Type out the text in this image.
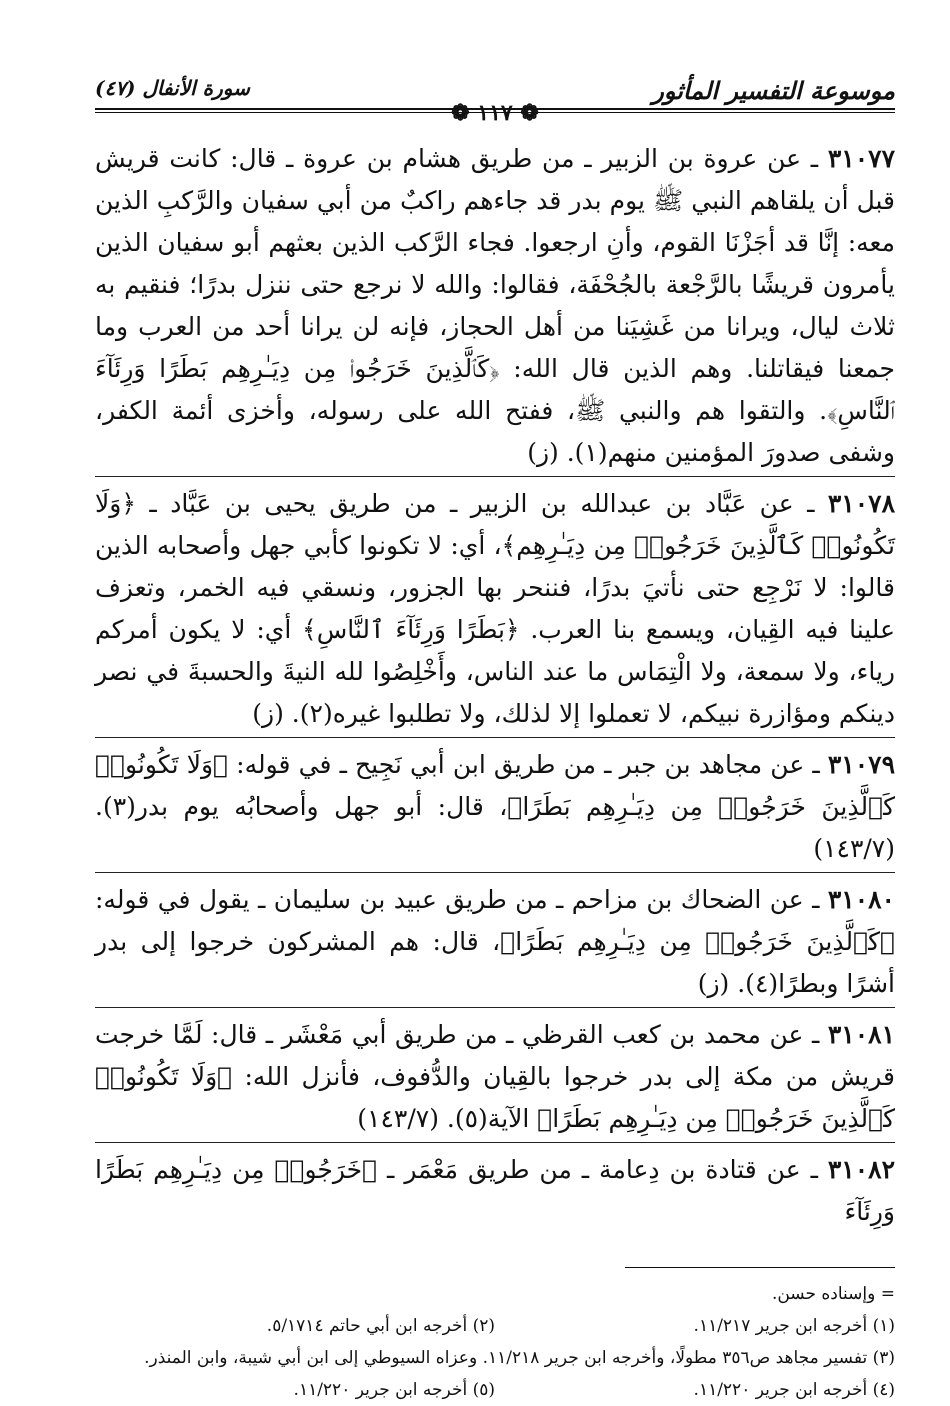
موسوعة التفسير المأثور
سورة الأنفال (٤٧)
❁ ١١٧ ❁

٣١٠٧٧ ـ عن عروة بن الزبير ـ من طريق هشام بن عروة ـ قال: كانت قريش قبل أن يلقاهم النبي ﷺ يوم بدر قد جاءهم راكبٌ من أبي سفيان والرَّكبِ الذين معه: إنَّا قد أجَزْنَا القوم، وأنِ ارجعوا. فجاء الرَّكب الذين بعثهم أبو سفيان الذين يأمرون قريشًا بالرَّجْعة بالجُحْفَة، فقالوا: والله لا نرجع حتى ننزل بدرًا؛ فنقيم به ثلاث ليال، ويرانا من غَشِيَنا من أهل الحجاز، فإنه لن يرانا أحد من العرب وما جمعنا فيقاتلنا. وهم الذين قال الله: ﴿كَٱلَّذِينَ خَرَجُوا۟ مِن دِيَـٰرِهِم بَطَرًا وَرِئَآءَ ٱلنَّاسِ﴾. والتقوا هم والنبي ﷺ، ففتح الله على رسوله، وأخزى أئمة الكفر، وشفى صدورَ المؤمنين منهم(١). (ز)

٣١٠٧٨ ـ عن عَبَّاد بن عبدالله بن الزبير ـ من طريق يحيى بن عَبَّاد ـ ﴿وَلَا تَكُونُوا۟ كَٱلَّذِينَ خَرَجُوا۟ مِن دِيَـٰرِهِم﴾، أي: لا تكونوا كأبي جهل وأصحابه الذين قالوا: لا نَرْجِع حتى نأتيَ بدرًا، فننحر بها الجزور، ونسقي فيه الخمر، وتعزف علينا فيه القِيان، ويسمع بنا العرب. ﴿بَطَرًا وَرِئَآءَ ٱلنَّاسِ﴾ أي: لا يكون أمركم رياء، ولا سمعة، ولا الْتِمَاس ما عند الناس، وأَخْلِصُوا لله النيةَ والحسبةَ في نصر دينكم ومؤازرة نبيكم، لا تعملوا إلا لذلك، ولا تطلبوا غيره(٢). (ز)

٣١٠٧٩ ـ عن مجاهد بن جبر ـ من طريق ابن أبي نَجِيح ـ في قوله: ﴿وَلَا تَكُونُوا۟ كَٱلَّذِينَ خَرَجُوا۟ مِن دِيَـٰرِهِم بَطَرًا﴾، قال: أبو جهل وأصحابُه يوم بدر(٣). (١٤٣/٧)

٣١٠٨٠ ـ عن الضحاك بن مزاحم ـ من طريق عبيد بن سليمان ـ يقول في قوله: ﴿كَٱلَّذِينَ خَرَجُوا۟ مِن دِيَـٰرِهِم بَطَرًا﴾، قال: هم المشركون خرجوا إلى بدر أشرًا وبطرًا(٤). (ز)

٣١٠٨١ ـ عن محمد بن كعب القرظي ـ من طريق أبي مَعْشَر ـ قال: لَمَّا خرجت قريش من مكة إلى بدر خرجوا بالقِيان والدُّفوف، فأنزل الله: ﴿وَلَا تَكُونُوا۟ كَٱلَّذِينَ خَرَجُوا۟ مِن دِيَـٰرِهِم بَطَرًا﴾ الآية(٥). (١٤٣/٧)

٣١٠٨٢ ـ عن قتادة بن دِعامة ـ من طريق مَعْمَر ـ ﴿خَرَجُوا۟ مِن دِيَـٰرِهِم بَطَرًا وَرِئَآءَ

= وإسناده حسن.
(١) أخرجه ابن جرير ١١/٢١٧.
(٢) أخرجه ابن أبي حاتم ٥/١٧١٤.
(٣) تفسير مجاهد ص٣٥٦ مطولًا، وأخرجه ابن جرير ١١/٢١٨. وعزاه السيوطي إلى ابن أبي شيبة، وابن المنذر.
(٤) أخرجه ابن جرير ١١/٢٢٠.
(٥) أخرجه ابن جرير ١١/٢٢٠.
